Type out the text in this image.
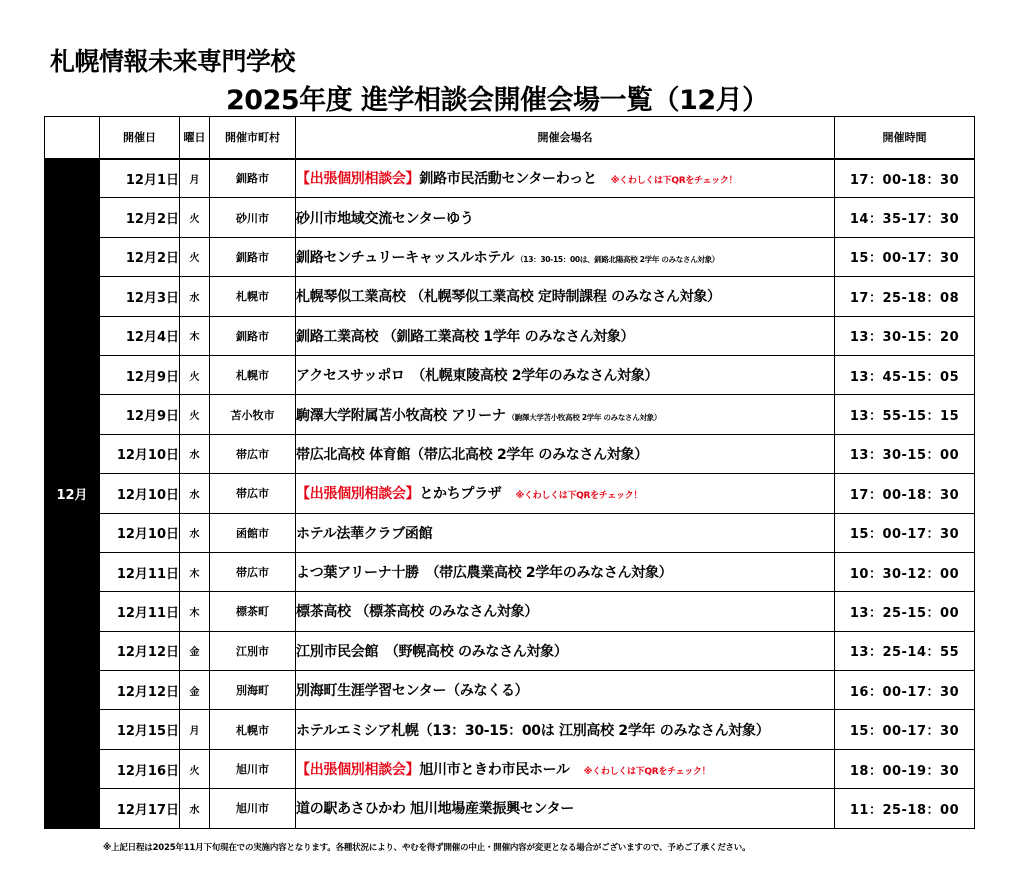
札幌情報未来専門学校
2025年度 進学相談会開催会場一覧（12月）
	開催日	曜日	開催市町村	開催会場名	開催時間
12月	12月1日	月	釧路市	【出張個別相談会】釧路市民活動センターわっと ※くわしくは下QRをチェック！	17：00-18：30
	12月2日	火	砂川市	砂川市地域交流センターゆう	14：35-17：30
	12月2日	火	釧路市	釧路センチュリーキャッスルホテル （13：30-15：00は、釧路北陽高校 2学年 のみなさん対象）	15：00-17：30
	12月3日	水	札幌市	札幌琴似工業高校 （札幌琴似工業高校 定時制課程 のみなさん対象）	17：25-18：08
	12月4日	木	釧路市	釧路工業高校 （釧路工業高校 1学年 のみなさん対象）	13：30-15：20
	12月9日	火	札幌市	アクセスサッポロ　（札幌東陵高校 2学年のみなさん対象）	13：45-15：05
	12月9日	火	苫小牧市	駒澤大学附属苫小牧高校 アリーナ （駒澤大学苫小牧高校 2学年 のみなさん対象）	13：55-15：15
	12月10日	水	帯広市	帯広北高校 体育館（帯広北高校 2学年 のみなさん対象）	13：30-15：00
	12月10日	水	帯広市	【出張個別相談会】とかちプラザ ※くわしくは下QRをチェック！	17：00-18：30
	12月10日	水	函館市	ホテル法華クラブ函館	15：00-17：30
	12月11日	木	帯広市	よつ葉アリーナ十勝　（帯広農業高校 2学年のみなさん対象）	10：30-12：00
	12月11日	木	標茶町	標茶高校 （標茶高校 のみなさん対象）	13：25-15：00
	12月12日	金	江別市	江別市民会館　（野幌高校 のみなさん対象）	13：25-14：55
	12月12日	金	別海町	別海町生涯学習センター（みなくる）	16：00-17：30
	12月15日	月	札幌市	ホテルエミシア札幌（13：30-15：00は 江別高校 2学年 のみなさん対象）	15：00-17：30
	12月16日	火	旭川市	【出張個別相談会】旭川市ときわ市民ホール ※くわしくは下QRをチェック！	18：00-19：30
	12月17日	水	旭川市	道の駅あさひかわ 旭川地場産業振興センター	11：25-18：00
※上記日程は2025年11月下旬現在での実施内容となります。各種状況により、やむを得ず開催の中止・開催内容が変更となる場合がございますので、予めご了承ください。
